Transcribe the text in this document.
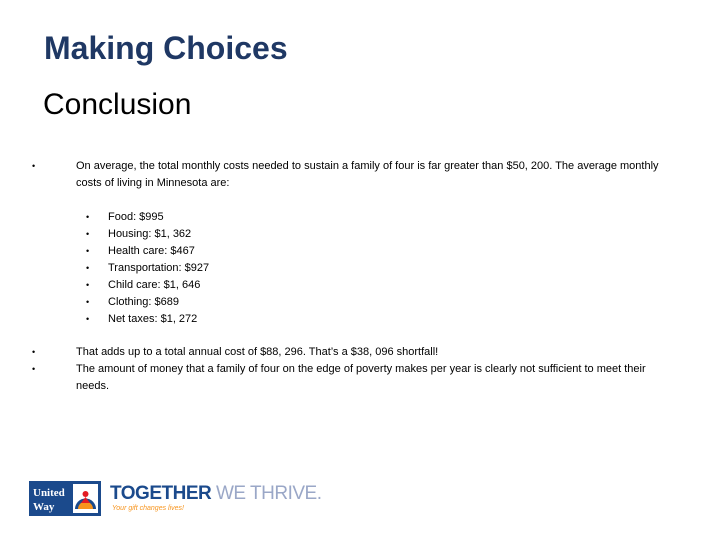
Making Choices
Conclusion
•	On average, the total monthly costs needed to sustain a family of four is far greater than $50, 200. The average monthly costs of living in Minnesota are:
• Food: $995
• Housing: $1, 362
• Health care: $467
• Transportation: $927
• Child care: $1, 646
• Clothing: $689
• Net taxes: $1, 272
•	That adds up to a total annual cost of $88, 296. That’s a $38, 096 shortfall!
•	The amount of money that a family of four on the edge of poverty makes per year is clearly not sufficient to meet their needs.
United
Way
TOGETHER WE THRIVE.
Your gift changes lives!
